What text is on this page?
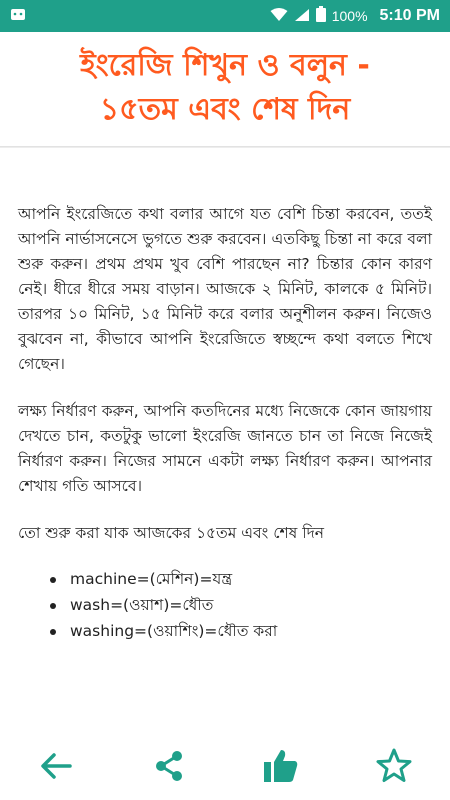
100% 5:10 PM
ইংরেজি শিখুন ও বলুন -
১৫তম এবং শেষ দিন

আপনি ইংরেজিতে কথা বলার আগে যত বেশি চিন্তা করবেন, ততই আপনি নার্ভাসনেসে ভুগতে শুরু করবেন। এতকিছু চিন্তা না করে বলা শুরু করুন। প্রথম প্রথম খুব বেশি পারছেন না? চিন্তার কোন কারণ নেই। ধীরে ধীরে সময় বাড়ান। আজকে ২ মিনিট, কালকে ৫ মিনিট। তারপর ১০ মিনিট, ১৫ মিনিট করে বলার অনুশীলন করুন। নিজেও বুঝবেন না, কীভাবে আপনি ইংরেজিতে স্বচ্ছন্দে কথা বলতে শিখে গেছেন।

লক্ষ্য নির্ধারণ করুন, আপনি কতদিনের মধ্যে নিজেকে কোন জায়গায় দেখতে চান, কতটুকু ভালো ইংরেজি জানতে চান তা নিজে নিজেই নির্ধারণ করুন। নিজের সামনে একটা লক্ষ্য নির্ধারণ করুন। আপনার শেখায় গতি আসবে।

তো শুরু করা যাক আজকের ১৫তম এবং শেষ দিন

machine=(মেশিন)=যন্ত্র
wash=(ওয়াশ)=ধৌত
washing=(ওয়াশিং)=ধৌত করা
